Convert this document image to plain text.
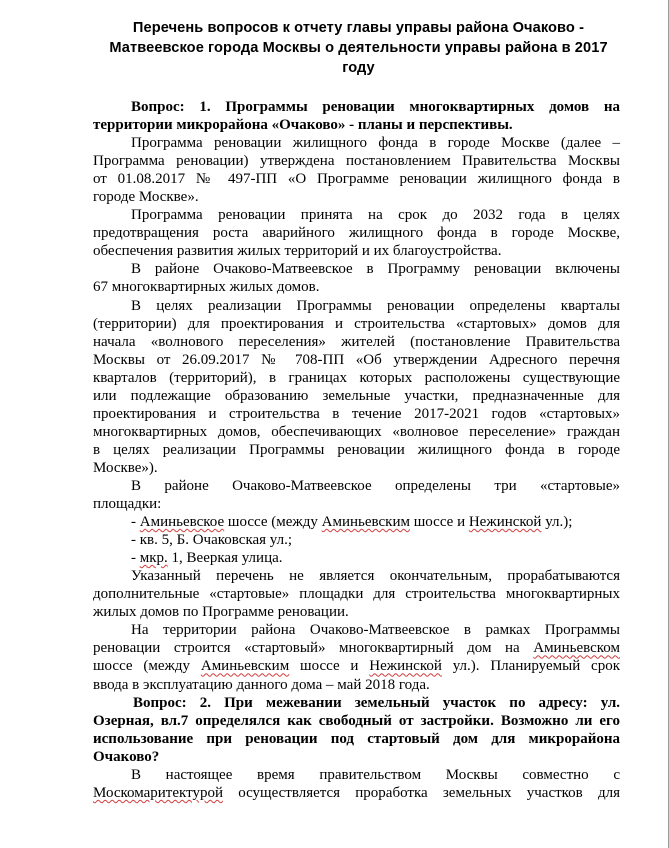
Перечень вопросов к отчету главы управы района Очаково -
Матвеевское города Москвы о деятельности управы района в 2017
году
Вопрос: 1. Программы реновации многоквартирных домов на
территории микрорайона «Очаково» - планы и перспективы.
Программа реновации жилищного фонда в городе Москве (далее –
Программа реновации) утверждена постановлением Правительства Москвы
от 01.08.2017 № 497-ПП «О Программе реновации жилищного фонда в
городе Москве».
Программа реновации принята на срок до 2032 года в целях
предотвращения роста аварийного жилищного фонда в городе Москве,
обеспечения развития жилых территорий и их благоустройства.
В районе Очаково-Матвеевское в Программу реновации включены
67 многоквартирных жилых домов.
В целях реализации Программы реновации определены кварталы
(территории) для проектирования и строительства «стартовых» домов для
начала «волнового переселения» жителей (постановление Правительства
Москвы от 26.09.2017 № 708-ПП «Об утверждении Адресного перечня
кварталов (территорий), в границах которых расположены существующие
или подлежащие образованию земельные участки, предназначенные для
проектирования и строительства в течение 2017-2021 годов «стартовых»
многоквартирных домов, обеспечивающих «волновое переселение» граждан
в целях реализации Программы реновации жилищного фонда в городе
Москве»).
В районе Очаково-Матвеевское определены три «стартовые»
площадки:
- Аминьевское шоссе (между Аминьевским шоссе и Нежинской ул.);
- кв. 5, Б. Очаковская ул.;
- мкр. 1, Вееркая улица.
Указанный перечень не является окончательным, прорабатываются
дополнительные «стартовые» площадки для строительства многоквартирных
жилых домов по Программе реновации.
На территории района Очаково-Матвеевское в рамках Программы
реновации строится «стартовый» многоквартирный дом на Аминьевском
шоссе (между Аминьевским шоссе и Нежинской ул.). Планируемый срок
ввода в эксплуатацию данного дома – май 2018 года.
Вопрос: 2. При межевании земельный участок по адресу: ул.
Озерная, вл.7 определялся как свободный от застройки. Возможно ли его
использование при реновации под стартовый дом для микрорайона
Очаково?
В настоящее время правительством Москвы совместно с
Москомаритектурой осуществляется проработка земельных участков для
